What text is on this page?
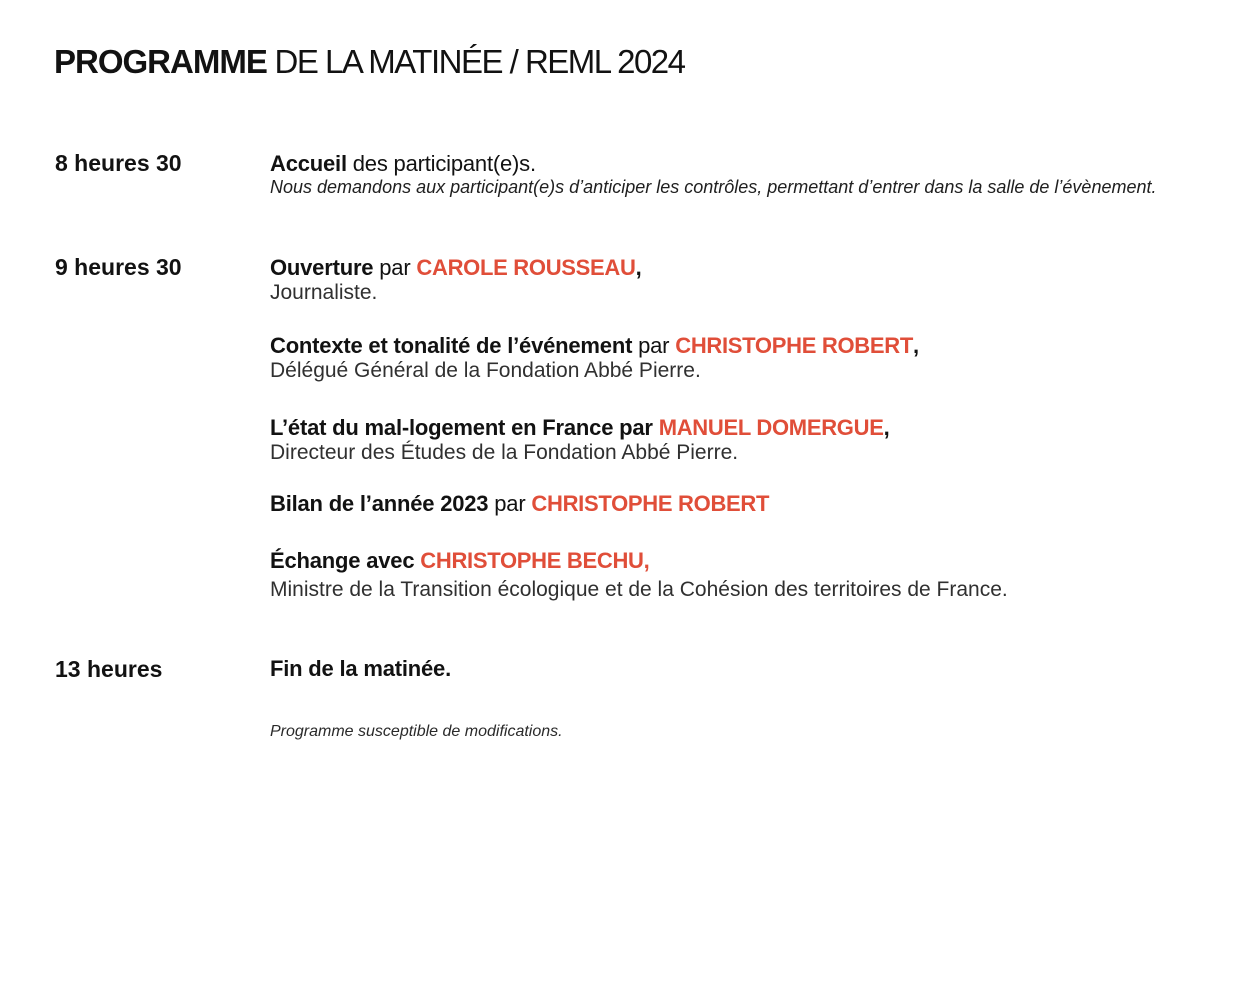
PROGRAMME DE LA MATINÉE / REML 2024
8 heures 30	Accueil des participant(e)s.

Nous demandons aux participant(e)s d’anticiper les contrôles, permettant d’entrer dans la salle de l’évènement.

9 heures 30	Ouverture par CAROLE ROUSSEAU,

Journaliste.

Contexte et tonalité de l’événement par CHRISTOPHE ROBERT,

Délégué Général de la Fondation Abbé Pierre.

L’état du mal-logement en France par MANUEL DOMERGUE,

Directeur des Études de la Fondation Abbé Pierre.

Bilan de l’année 2023 par CHRISTOPHE ROBERT

Échange avec CHRISTOPHE BECHU,

Ministre de la Transition écologique et de la Cohésion des territoires de France.

13 heures	Fin de la matinée.

Programme susceptible de modifications.
